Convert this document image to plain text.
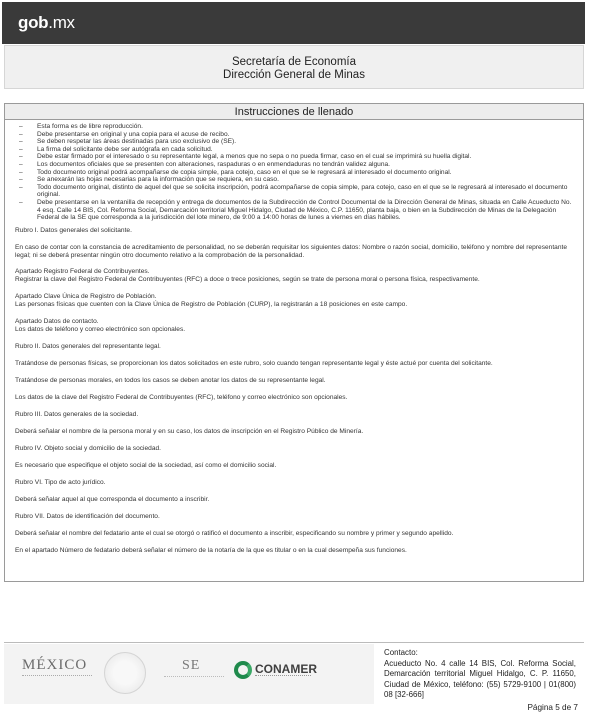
gob.mx
Secretaría de Economía
Dirección General de Minas
Instrucciones de llenado
– Esta forma es de libre reproducción.
– Debe presentarse en original y una copia para el acuse de recibo.
– Se deben respetar las áreas destinadas para uso exclusivo de (SE).
– La firma del solicitante debe ser autógrafa en cada solicitud.
– Debe estar firmado por el interesado o su representante legal, a menos que no sepa o no pueda firmar, caso en el cual se imprimirá su huella digital.
– Los documentos oficiales que se presenten con alteraciones, raspaduras o en enmendaduras no tendrán validez alguna.
– Todo documento original podrá acompañarse de copia simple, para cotejo, caso en el que se le regresará al interesado el documento original.
– Se anexarán las hojas necesarias para la información que se requiera, en su caso.
– Todo documento original, distinto de aquel del que se solicita inscripción, podrá acompañarse de copia simple, para cotejo, caso en el que se le regresará al interesado el documento original.
– Debe presentarse en la ventanilla de recepción y entrega de documentos de la Subdirección de Control Documental de la Dirección General de Minas, situada en Calle Acueducto No. 4 esq. Calle 14 BIS, Col. Reforma Social, Demarcación territorial Miguel Hidalgo, Ciudad de México, C.P. 11650, planta baja, o bien en la Subdirección de Minas de la Delegación Federal de la SE que corresponda a la jurisdicción del lote minero, de 9:00 a 14:00 horas de lunes a viernes en días hábiles.

Rubro I. Datos generales del solicitante.

En caso de contar con la constancia de acreditamiento de personalidad, no se deberán requisitar los siguientes datos: Nombre o razón social, domicilio, teléfono y nombre del representante legal; ni se deberá presentar ningún otro documento relativo a la comprobación de la personalidad.

Apartado Registro Federal de Contribuyentes.
Registrar la clave del Registro Federal de Contribuyentes (RFC) a doce o trece posiciones, según se trate de persona moral o persona física, respectivamente.

Apartado Clave Única de Registro de Población.
Las personas físicas que cuenten con la Clave Única de Registro de Población (CURP), la registrarán a 18 posiciones en este campo.

Apartado Datos de contacto.
Los datos de teléfono y correo electrónico son opcionales.

Rubro II. Datos generales del representante legal.

Tratándose de personas físicas, se proporcionan los datos solicitados en este rubro, solo cuando tengan representante legal y éste actué por cuenta del solicitante.

Tratándose de personas morales, en todos los casos se deben anotar los datos de su representante legal.

Los datos de la clave del Registro Federal de Contribuyentes (RFC), teléfono y correo electrónico son opcionales.

Rubro III. Datos generales de la sociedad.

Deberá señalar el nombre de la persona moral y en su caso, los datos de inscripción en el Registro Público de Minería.

Rubro IV. Objeto social y domicilio de la sociedad.

Es necesario que especifique el objeto social de la sociedad, así como el domicilio social.

Rubro VI. Tipo de acto jurídico.

Deberá señalar aquel al que corresponda el documento a inscribir.

Rubro VII. Datos de identificación del documento.

Deberá señalar el nombre del fedatario ante el cual se otorgó o ratificó el documento a inscribir, especificando su nombre y primer y segundo apellido.

En el apartado Número de fedatario deberá señalar el número de la notaría de la que es titular o en la cual desempeña sus funciones.

MÉXICO	SE	CONAMER
Contacto:
Acueducto No. 4 calle 14 BIS, Col. Reforma Social, Demarcación territorial Miguel Hidalgo, C. P. 11650, Ciudad de México, teléfono: (55) 5729-9100 | 01(800) 08 [32-666]
Página 5 de 7
